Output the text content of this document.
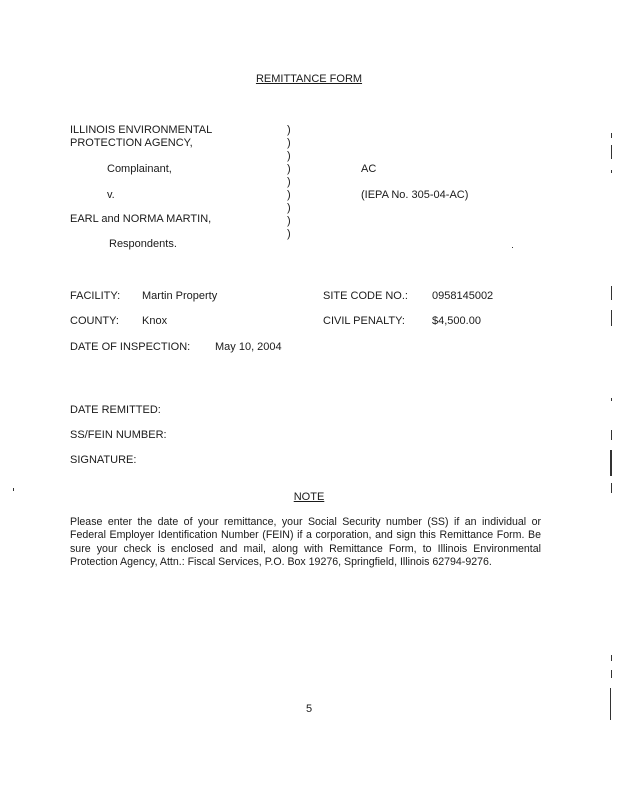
REMITTANCE FORM
ILLINOIS ENVIRONMENTAL
PROTECTION AGENCY,
Complainant,
v.
EARL and NORMA MARTIN,
Respondents.
)
)
)
)
)
)
)
)
)
AC
(IEPA No. 305-04-AC)
FACILITY: Martin Property	SITE CODE NO.: 0958145002
COUNTY: Knox	CIVIL PENALTY: $4,500.00
DATE OF INSPECTION: May 10, 2004
DATE REMITTED:
SS/FEIN NUMBER:
SIGNATURE:
NOTE
Please enter the date of your remittance, your Social Security number (SS) if an individual or Federal Employer Identification Number (FEIN) if a corporation, and sign this Remittance Form. Be sure your check is enclosed and mail, along with Remittance Form, to Illinois Environmental Protection Agency, Attn.: Fiscal Services, P.O. Box 19276, Springfield, Illinois 62794-9276.
5
